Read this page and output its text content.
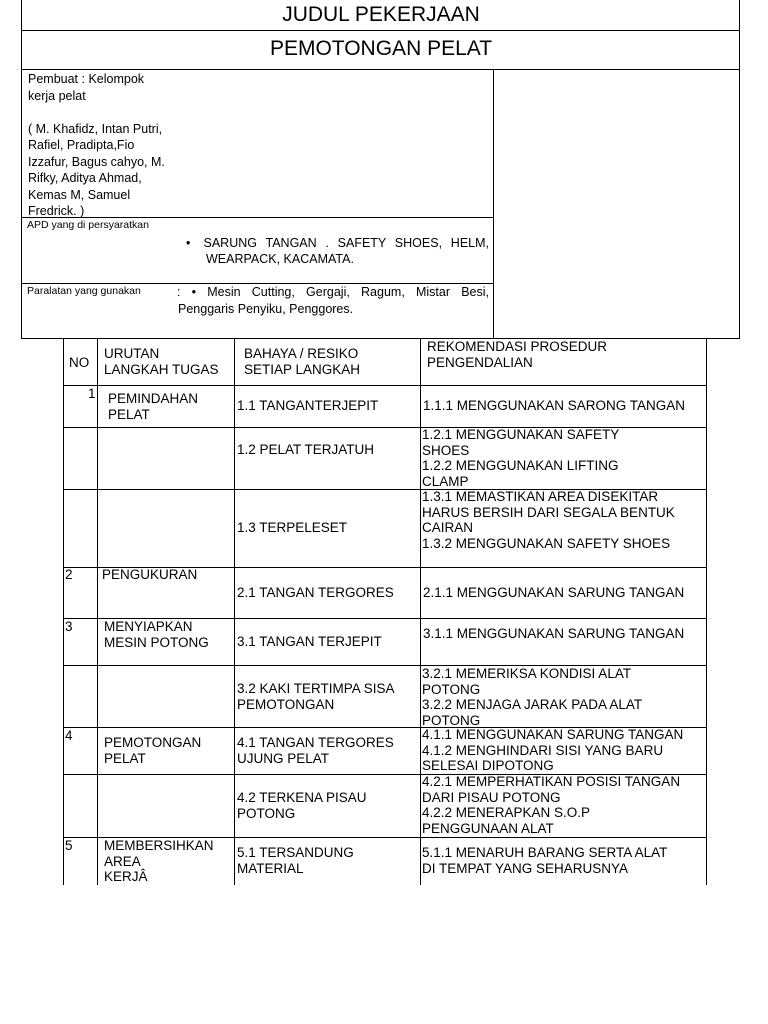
JUDUL PEKERJAAN
PEMOTONGAN PELAT
Pembuat : Kelompok
kerja pelat
( M. Khafidz, Intan Putri,
Rafiel, Pradipta,Fio
Izzafur, Bagus cahyo, M.
Rifky, Aditya Ahmad,
Kemas M, Samuel
Fredrick. )
APD yang di persyaratkan
•   SARUNG  TANGAN  .  SAFETY  SHOES,  HELM,
WEARPACK, KACAMATA.
Paralatan yang gunakan	:  •  Mesin  Cutting,  Gergaji,  Ragum,  Mistar  Besi,
Penggaris Penyiku, Penggores.
NO
URUTAN
LANGKAH TUGAS
BAHAYA / RESIKO
SETIAP LANGKAH
REKOMENDASI PROSEDUR
PENGENDALIAN
1 PEMINDAHAN
PELAT
1.1 TANGANTERJEPIT	1.1.1 MENGGUNAKAN SARONG TANGAN
1.2 PELAT TERJATUH
1.2.1 MENGGUNAKAN SAFETY
SHOES
1.2.2 MENGGUNAKAN LIFTING
CLAMP
1.3 TERPELESET
1.3.1 MEMASTIKAN AREA DISEKITAR
HARUS BERSIH DARI SEGALA BENTUK
CAIRAN
1.3.2 MENGGUNAKAN SAFETY SHOES
2 PENGUKURAN
2.1 TANGAN TERGORES 2.1.1 MENGGUNAKAN SARUNG TANGAN
3 MENYIAPKAN
MESIN POTONG 3.1 TANGAN TERJEPIT
3.1.1 MENGGUNAKAN SARUNG TANGAN
3.2 KAKI TERTIMPA SISA
PEMOTONGAN
3.2.1 MEMERIKSA KONDISI ALAT
POTONG
3.2.2 MENJAGA JARAK PADA ALAT
POTONG
4 PEMOTONGAN
PELAT
4.1 TANGAN TERGORES
UJUNG PELAT
4.1.1 MENGGUNAKAN SARUNG TANGAN
4.1.2 MENGHINDARI SISI YANG BARU
SELESAI DIPOTONG
4.2 TERKENA PISAU
POTONG
4.2.1 MEMPERHATIKAN POSISI TANGAN
DARI PISAU POTONG
4.2.2 MENERAPKAN S.O.P
PENGGUNAAN ALAT
5 MEMBERSIHKAN
AREA
KERJÂ
5.1 TERSANDUNG
MATERIAL
5.1.1 MENARUH BARANG SERTA ALAT
DI TEMPAT YANG SEHARUSNYA
